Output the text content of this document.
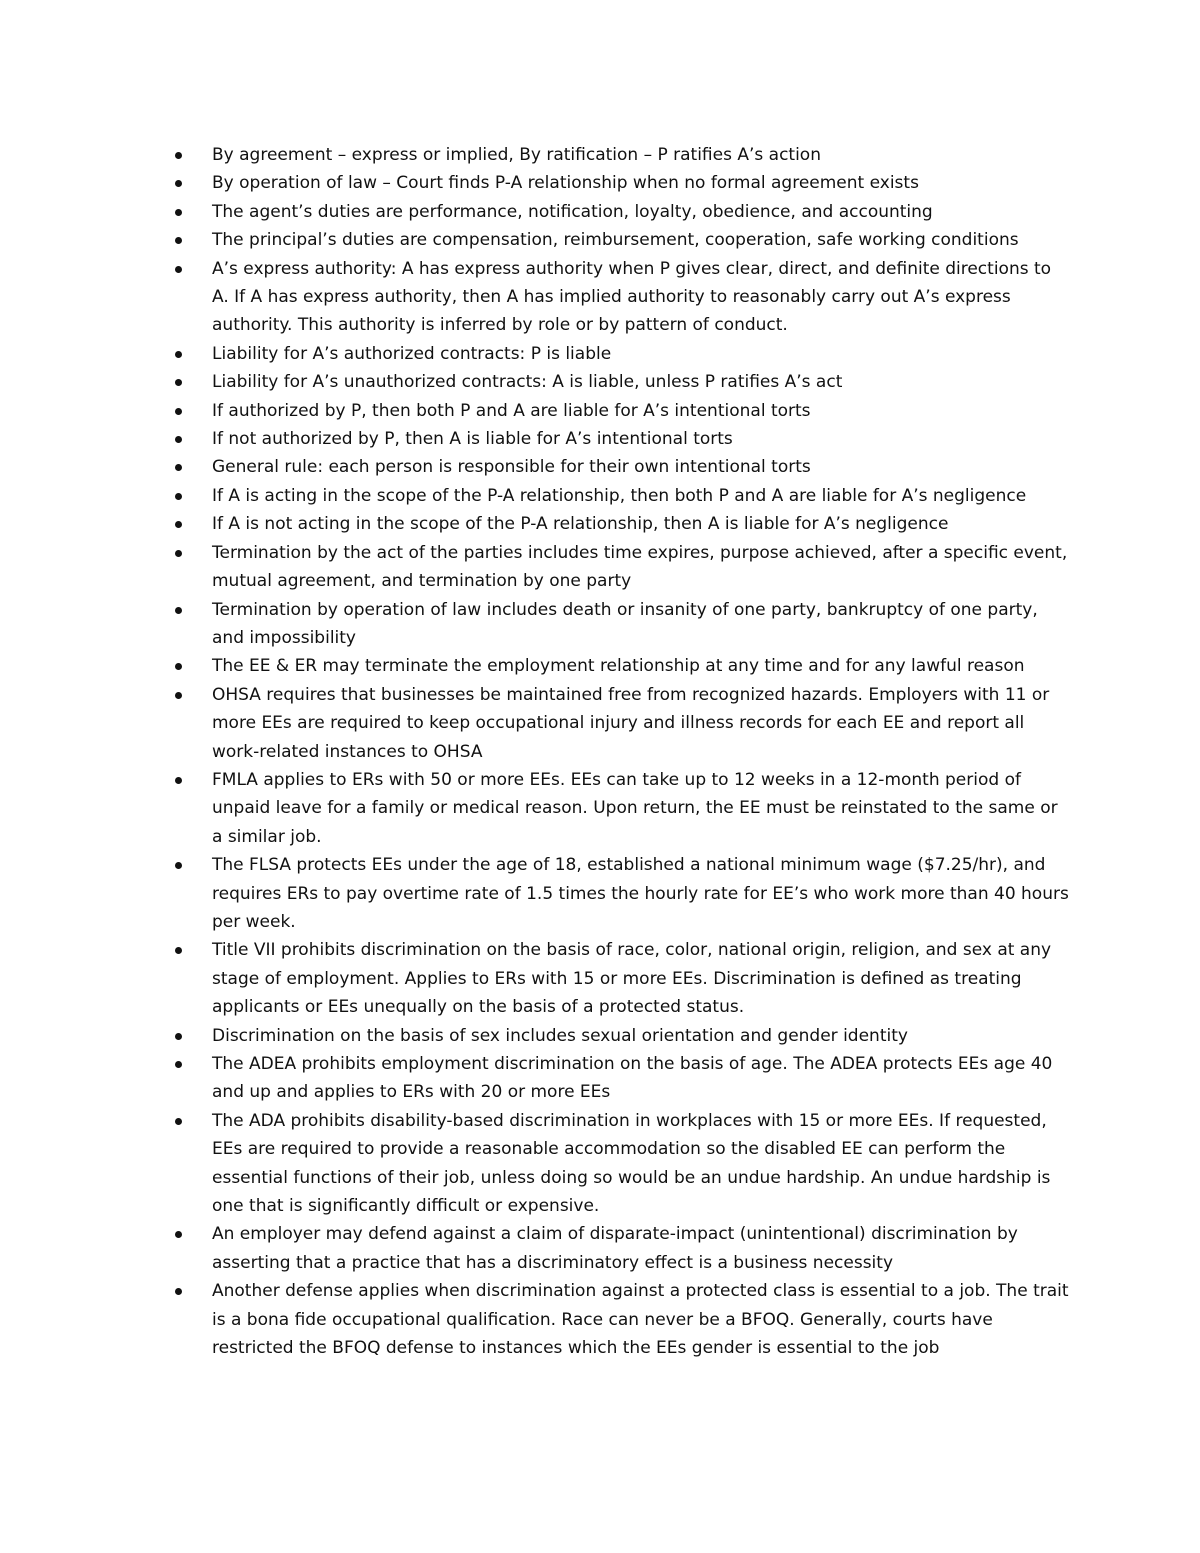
By agreement – express or implied, By ratification – P ratifies A’s action
By operation of law – Court finds P-A relationship when no formal agreement exists
The agent’s duties are performance, notification, loyalty, obedience, and accounting
The principal’s duties are compensation, reimbursement, cooperation, safe working conditions
A’s express authority: A has express authority when P gives clear, direct, and definite directions to A. If A has express authority, then A has implied authority to reasonably carry out A’s express authority. This authority is inferred by role or by pattern of conduct.
Liability for A’s authorized contracts: P is liable
Liability for A’s unauthorized contracts: A is liable, unless P ratifies A’s act
If authorized by P, then both P and A are liable for A’s intentional torts
If not authorized by P, then A is liable for A’s intentional torts
General rule: each person is responsible for their own intentional torts
If A is acting in the scope of the P-A relationship, then both P and A are liable for A’s negligence
If A is not acting in the scope of the P-A relationship, then A is liable for A’s negligence
Termination by the act of the parties includes time expires, purpose achieved, after a specific event, mutual agreement, and termination by one party
Termination by operation of law includes death or insanity of one party, bankruptcy of one party, and impossibility
The EE & ER may terminate the employment relationship at any time and for any lawful reason
OHSA requires that businesses be maintained free from recognized hazards. Employers with 11 or more EEs are required to keep occupational injury and illness records for each EE and report all work-related instances to OHSA
FMLA applies to ERs with 50 or more EEs. EEs can take up to 12 weeks in a 12-month period of unpaid leave for a family or medical reason. Upon return, the EE must be reinstated to the same or a similar job.
The FLSA protects EEs under the age of 18, established a national minimum wage ($7.25/hr), and requires ERs to pay overtime rate of 1.5 times the hourly rate for EE’s who work more than 40 hours per week.
Title VII prohibits discrimination on the basis of race, color, national origin, religion, and sex at any stage of employment. Applies to ERs with 15 or more EEs. Discrimination is defined as treating applicants or EEs unequally on the basis of a protected status.
Discrimination on the basis of sex includes sexual orientation and gender identity
The ADEA prohibits employment discrimination on the basis of age. The ADEA protects EEs age 40 and up and applies to ERs with 20 or more EEs
The ADA prohibits disability-based discrimination in workplaces with 15 or more EEs. If requested, EEs are required to provide a reasonable accommodation so the disabled EE can perform the essential functions of their job, unless doing so would be an undue hardship. An undue hardship is one that is significantly difficult or expensive.
An employer may defend against a claim of disparate-impact (unintentional) discrimination by asserting that a practice that has a discriminatory effect is a business necessity
Another defense applies when discrimination against a protected class is essential to a job. The trait is a bona fide occupational qualification. Race can never be a BFOQ. Generally, courts have restricted the BFOQ defense to instances which the EEs gender is essential to the job
